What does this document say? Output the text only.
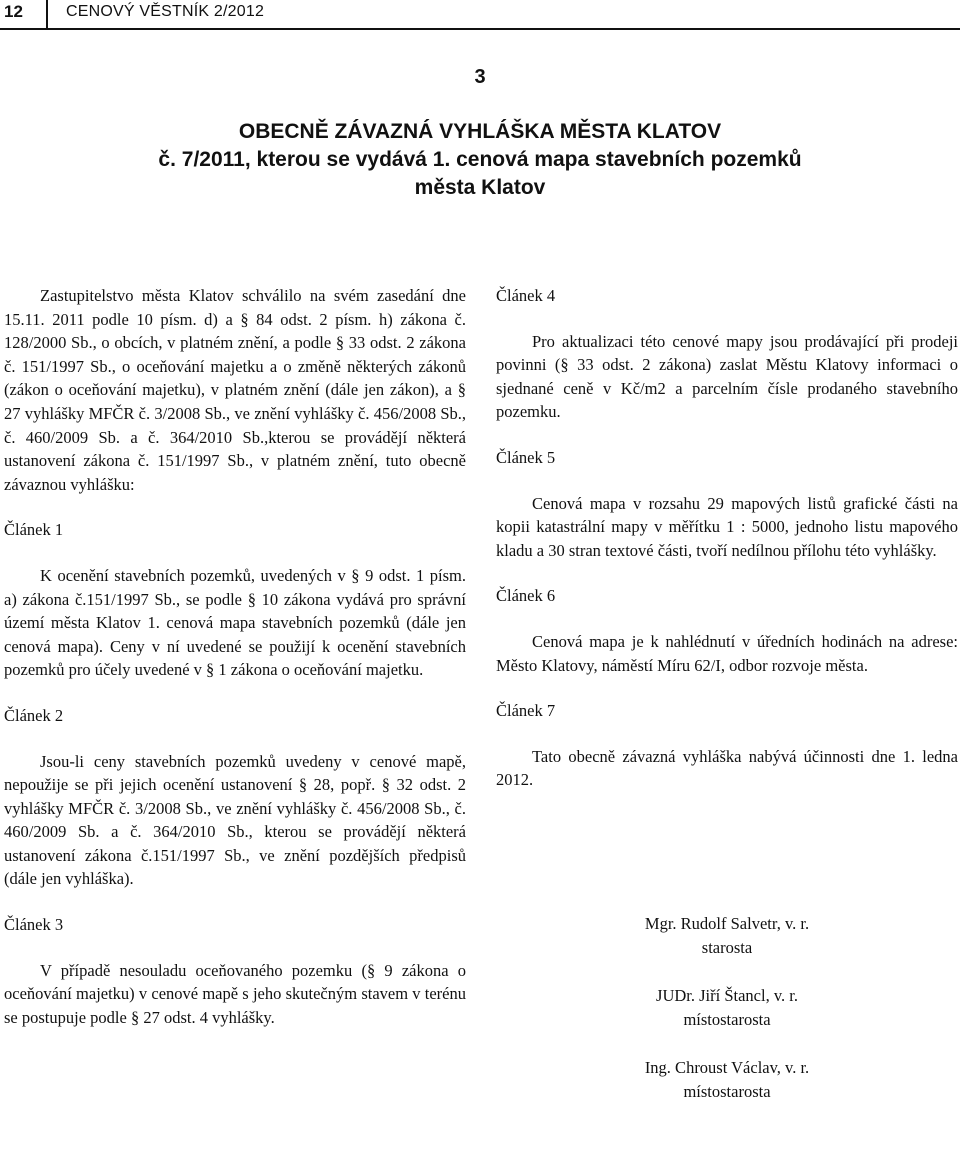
12	CENOVÝ VĚSTNÍK 2/2012
3
OBECNĚ ZÁVAZNÁ VYHLÁŠKA MĚSTA KLATOV
č. 7/2011, kterou se vydává 1. cenová mapa stavebních pozemků
města Klatov

Zastupitelstvo města Klatov schválilo na svém zasedání dne 15.11. 2011 podle 10 písm. d) a § 84 odst. 2 písm. h) zákona č. 128/2000 Sb., o obcích, v platném znění, a podle § 33 odst. 2 zákona č. 151/1997 Sb., o oceňování majetku a o změně některých zákonů (zákon o oceňování majetku), v platném znění (dále jen zákon), a § 27 vyhlášky MFČR č. 3/2008 Sb., ve znění vyhlášky č. 456/2008 Sb., č. 460/2009 Sb. a č. 364/2010 Sb.,kterou se provádějí některá ustanovení zákona č. 151/1997 Sb., v platném znění, tuto obecně závaznou vyhlášku:

Článek 1

K ocenění stavebních pozemků, uvedených v § 9 odst. 1 písm. a) zákona č.151/1997 Sb., se podle § 10 zákona vydává pro správní území města Klatov 1. cenová mapa stavebních pozemků (dále jen cenová mapa). Ceny v ní uvedené se použijí k ocenění stavebních pozemků pro účely uvedené v § 1 zákona o oceňování majetku.

Článek 2

Jsou-li ceny stavebních pozemků uvedeny v cenové mapě, nepoužije se při jejich ocenění ustanovení § 28, popř. § 32 odst. 2 vyhlášky MFČR č. 3/2008 Sb., ve znění vyhlášky č. 456/2008 Sb., č. 460/2009 Sb. a č. 364/2010 Sb., kterou se provádějí některá ustanovení zákona č.151/1997 Sb., ve znění pozdějších předpisů (dále jen vyhláška).

Článek 3

V případě nesouladu oceňovaného pozemku (§ 9 zákona o oceňování majetku) v cenové mapě s jeho skutečným stavem v terénu se postupuje podle § 27 odst. 4 vyhlášky.

Článek 4

Pro aktualizaci této cenové mapy jsou prodávající při prodeji povinni (§ 33 odst. 2 zákona) zaslat Městu Klatovy informaci o sjednané ceně v Kč/m2 a parcelním čísle prodaného stavebního pozemku.

Článek 5

Cenová mapa v rozsahu 29 mapových listů grafické části na kopii katastrální mapy v měřítku 1 : 5000, jednoho listu mapového kladu a 30 stran textové části, tvoří nedílnou přílohu této vyhlášky.

Článek 6

Cenová mapa je k nahlédnutí v úředních hodinách na adrese: Město Klatovy, náměstí Míru 62/I, odbor rozvoje města.

Článek 7

Tato obecně závazná vyhláška nabývá účinnosti dne 1. ledna 2012.

Mgr. Rudolf Salvetr, v. r.
starosta
JUDr. Jiří Štancl, v. r.
místostarosta
Ing. Chroust Václav, v. r.
místostarosta
